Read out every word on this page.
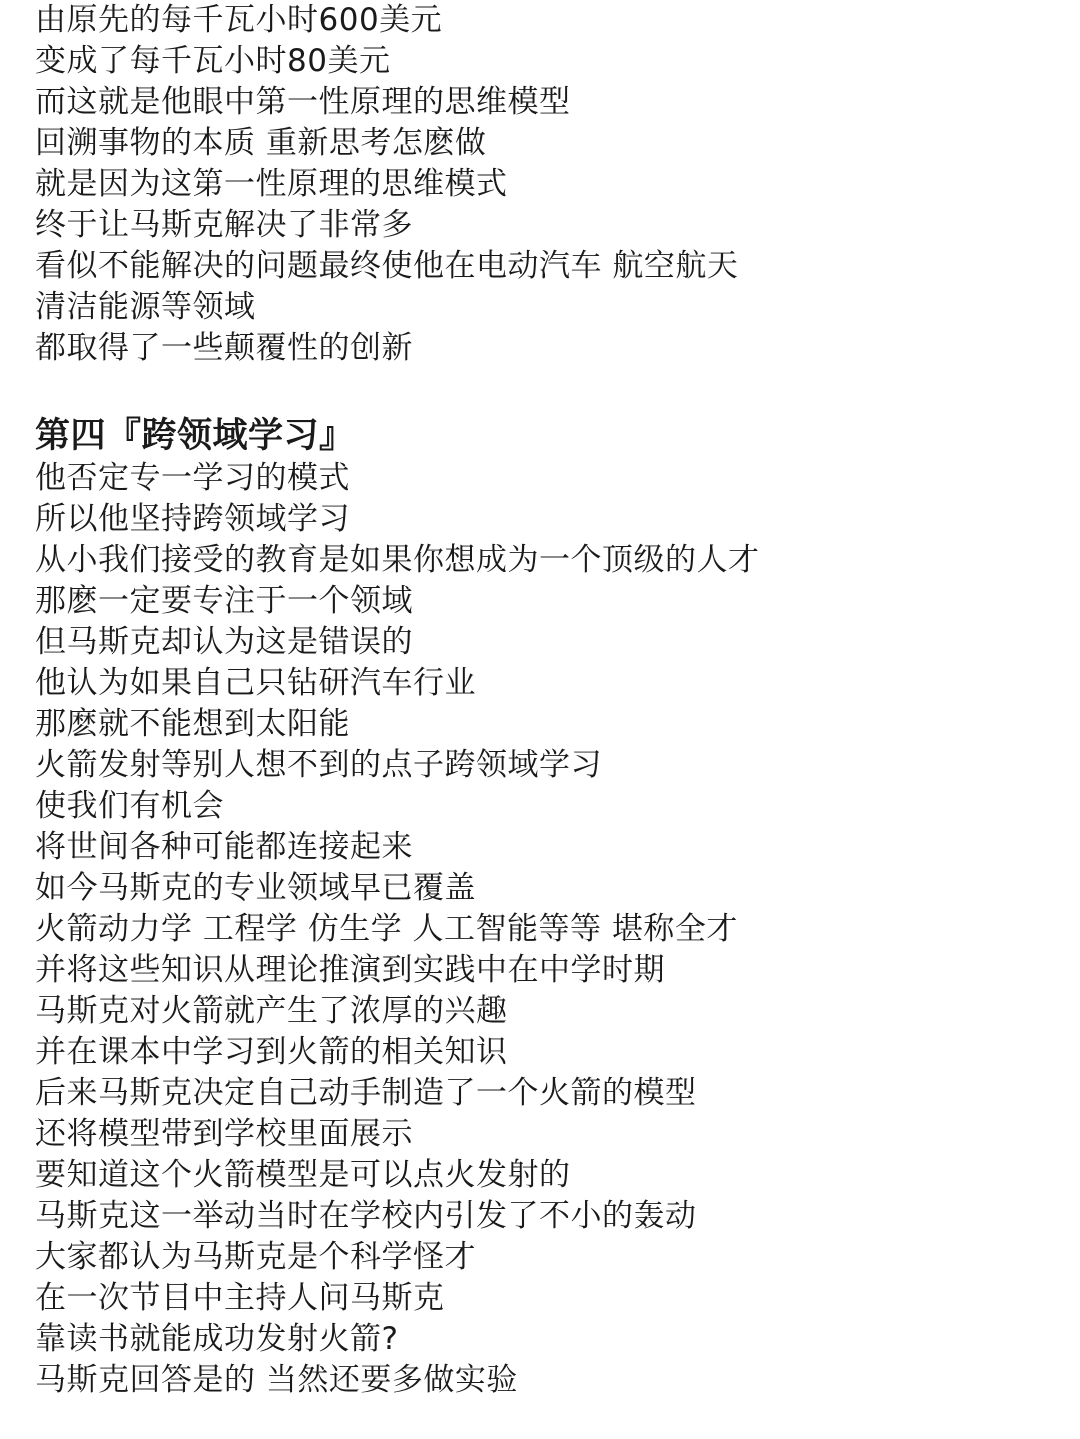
由原先的每千瓦小时600美元
变成了每千瓦小时80美元
而这就是他眼中第一性原理的思维模型
回溯事物的本质 重新思考怎麽做
就是因为这第一性原理的思维模式
终于让马斯克解决了非常多
看似不能解决的问题最终使他在电动汽车 航空航天
清洁能源等领域
都取得了一些颠覆性的创新
第四『跨领域学习』
他否定专一学习的模式
所以他坚持跨领域学习
从小我们接受的教育是如果你想成为一个顶级的人才
那麽一定要专注于一个领域
但马斯克却认为这是错误的
他认为如果自己只钻研汽车行业
那麽就不能想到太阳能
火箭发射等别人想不到的点子跨领域学习
使我们有机会
将世间各种可能都连接起来
如今马斯克的专业领域早已覆盖
火箭动力学 工程学 仿生学 人工智能等等 堪称全才
并将这些知识从理论推演到实践中在中学时期
马斯克对火箭就产生了浓厚的兴趣
并在课本中学习到火箭的相关知识
后来马斯克决定自己动手制造了一个火箭的模型
还将模型带到学校里面展示
要知道这个火箭模型是可以点火发射的
马斯克这一举动当时在学校内引发了不小的轰动
大家都认为马斯克是个科学怪才
在一次节目中主持人问马斯克
靠读书就能成功发射火箭?
马斯克回答是的 当然还要多做实验
